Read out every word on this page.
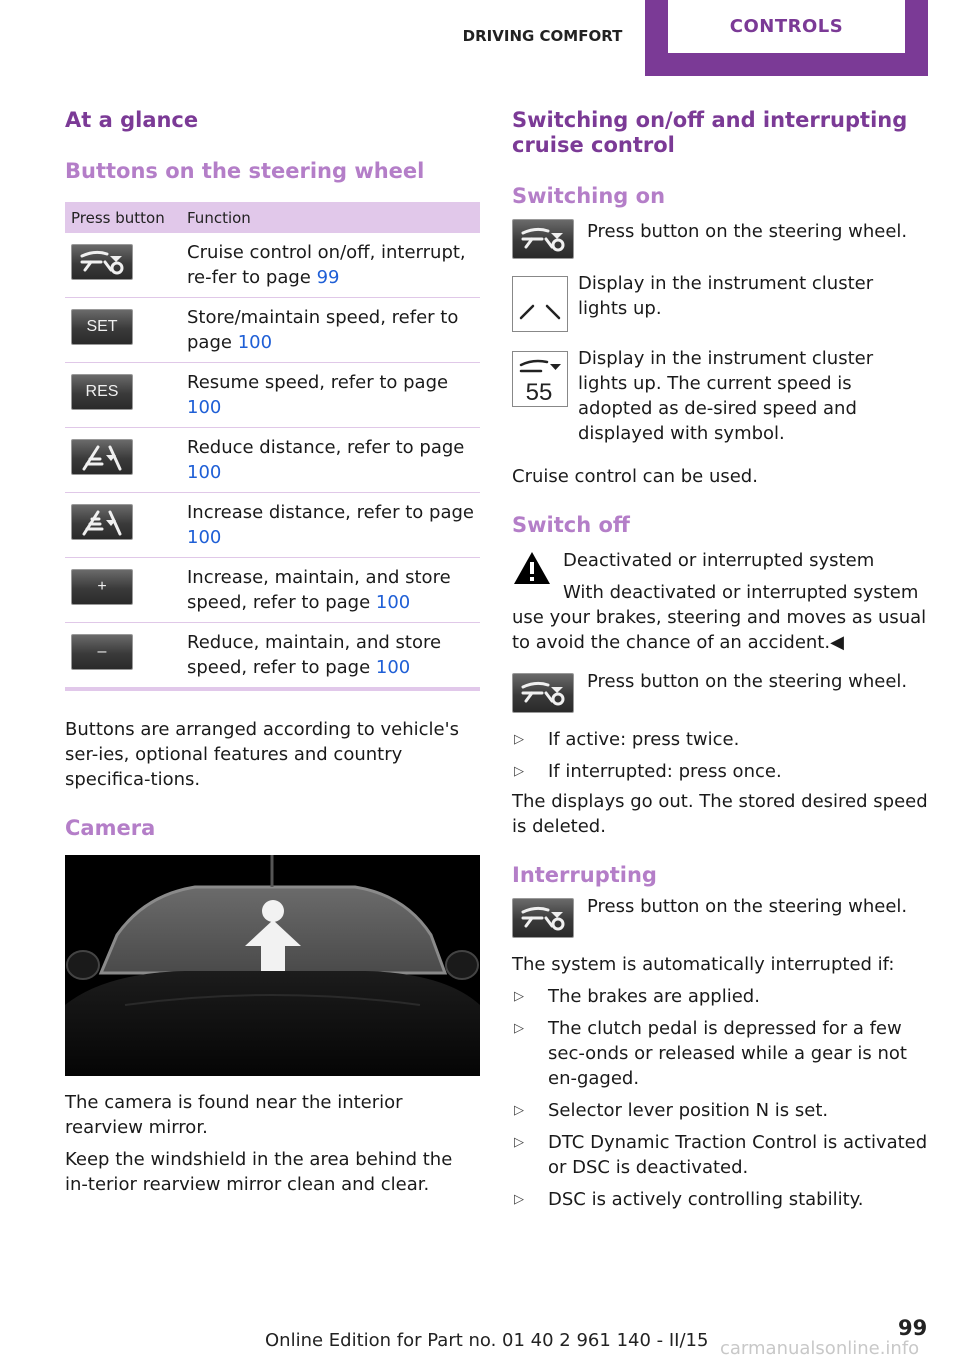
DRIVING COMFORT	CONTROLS
At a glance
Buttons on the steering wheel
Press button	Function

	Cruise control on/off, interrupt, re-fer to page 99

SET	Store/maintain speed, refer to page 100

RES	Resume speed, refer to page 100

	Reduce distance, refer to page 100

	Increase distance, refer to page 100

+	Increase, maintain, and store speed, refer to page 100

–	Reduce, maintain, and store speed, refer to page 100

Buttons are arranged according to vehicle's ser-ies, optional features and country specifica-tions.

Camera

The camera is found near the interior rearview mirror.

Keep the windshield in the area behind the in-terior rearview mirror clean and clear.

Switching on/off and interrupting cruise control
Switching on

Press button on the steering wheel.

Display in the instrument cluster lights up.

55

Display in the instrument cluster lights up. The current speed is adopted as de-sired speed and displayed with symbol.

Cruise control can be used.

Switch off

Deactivated or interrupted system

With deactivated or interrupted system use your brakes, steering and moves as usual to avoid the chance of an accident.◀

Press button on the steering wheel.

▷	If active: press twice.
▷	If interrupted: press once.

The displays go out. The stored desired speed is deleted.

Interrupting

Press button on the steering wheel.

The system is automatically interrupted if:

▷	The brakes are applied.
▷	The clutch pedal is depressed for a few sec-onds or released while a gear is not en-gaged.
▷	Selector lever position N is set.
▷	DTC Dynamic Traction Control is activated or DSC is deactivated.
▷	DSC is actively controlling stability.
carmanualsonline.info
Online Edition for Part no. 01 40 2 961 140 - II/15
99
